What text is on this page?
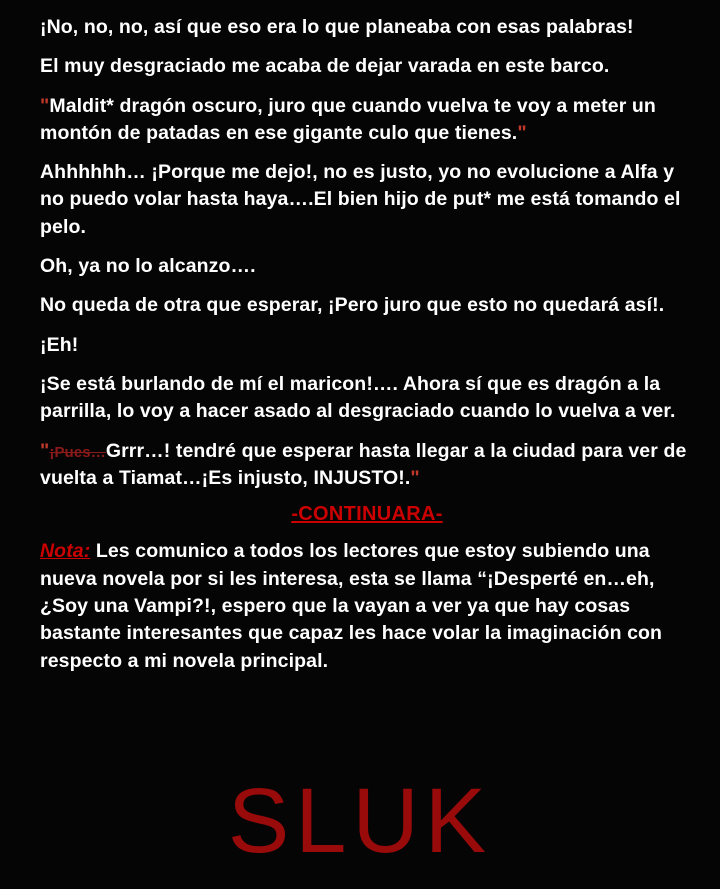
¡No, no, no, así que eso era lo que planeaba con esas palabras!

El muy desgraciado me acaba de dejar varada en este barco.

"Maldit* dragón oscuro, juro que cuando vuelva te voy a meter un montón de patadas en ese gigante culo que tienes."

Ahhhhhh… ¡Porque me dejo!, no es justo, yo no evolucione a Alfa y no puedo volar hasta haya….El bien hijo de put* me está tomando el pelo.

Oh, ya no lo alcanzo….

No queda de otra que esperar, ¡Pero juro que esto no quedará así!.

¡Eh!

¡Se está burlando de mí el maricon!…. Ahora sí que es dragón a la parrilla, lo voy a hacer asado al desgraciado cuando lo vuelva a ver.

"¡Pues…Grrr…! tendré que esperar hasta llegar a la ciudad para ver de vuelta a Tiamat…¡Es injusto, INJUSTO!."

-CONTINUARA-

Nota: Les comunico a todos los lectores que estoy subiendo una nueva novela por si les interesa, esta se llama “¡Desperté en…eh, ¿Soy una Vampi?!, espero que la vayan a ver ya que hay cosas bastante interesantes que capaz les hace volar la imaginación con respecto a mi novela principal.

SLUK
